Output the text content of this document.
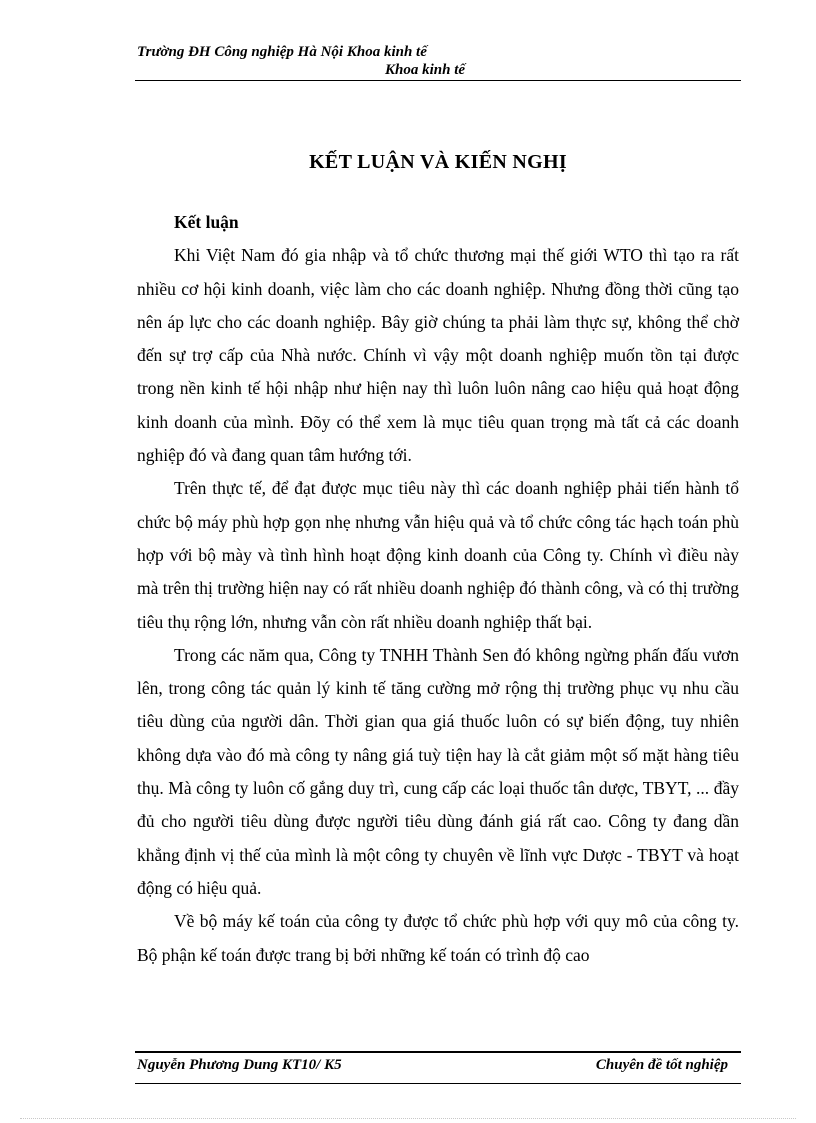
Trường ĐH Công nghiệp Hà Nội Khoa kinh tế
Khoa kinh tế
KẾT LUẬN VÀ KIẾN NGHỊ

Kết luận

Khi Việt Nam đó gia nhập và tổ chức thương mại thế giới WTO thì tạo ra rất nhiều cơ hội kinh doanh, việc làm cho các doanh nghiệp. Nhưng đồng thời cũng tạo nên áp lực cho các doanh nghiệp. Bây giờ chúng ta phải làm thực sự, không thể chờ đến sự trợ cấp của Nhà nước. Chính vì vậy một doanh nghiệp muốn tồn tại được trong nền kinh tế hội nhập như hiện nay thì luôn luôn nâng cao hiệu quả hoạt động kinh doanh của mình. Đõy có thể xem là mục tiêu quan trọng mà tất cả các doanh nghiệp đó và đang quan tâm hướng tới.

Trên thực tế, để đạt được mục tiêu này thì các doanh nghiệp phải tiến hành tổ chức bộ máy phù hợp gọn nhẹ nhưng vẫn hiệu quả và tổ chức công tác hạch toán phù hợp với bộ mày và tình hình hoạt động kinh doanh của Công ty. Chính vì điều này mà trên thị trường hiện nay có rất nhiều doanh nghiệp đó thành công, và có thị trường tiêu thụ rộng lớn, nhưng vẫn còn rất nhiều doanh nghiệp thất bại.

Trong các năm qua, Công ty TNHH Thành Sen đó không ngừng phấn đấu vươn lên, trong công tác quản lý kinh tế tăng cường mở rộng thị trường phục vụ nhu cầu tiêu dùng của người dân. Thời gian qua giá thuốc luôn có sự biến động, tuy nhiên không dựa vào đó mà công ty nâng giá tuỳ tiện hay là cắt giảm một số mặt hàng tiêu thụ. Mà công ty luôn cố gắng duy trì, cung cấp các loại thuốc tân dược, TBYT, ... đầy đủ cho người tiêu dùng được người tiêu dùng đánh giá rất cao. Công ty đang dần khẳng định vị thế của mình là một công ty chuyên về lĩnh vực Dược - TBYT và hoạt động có hiệu quả.

Về bộ máy kế toán của công ty được tổ chức phù hợp với quy mô của công ty. Bộ phận kế toán được trang bị bởi những kế toán có trình độ cao

Nguyễn Phương Dung KT10/ K5	Chuyên đề tốt nghiệp
